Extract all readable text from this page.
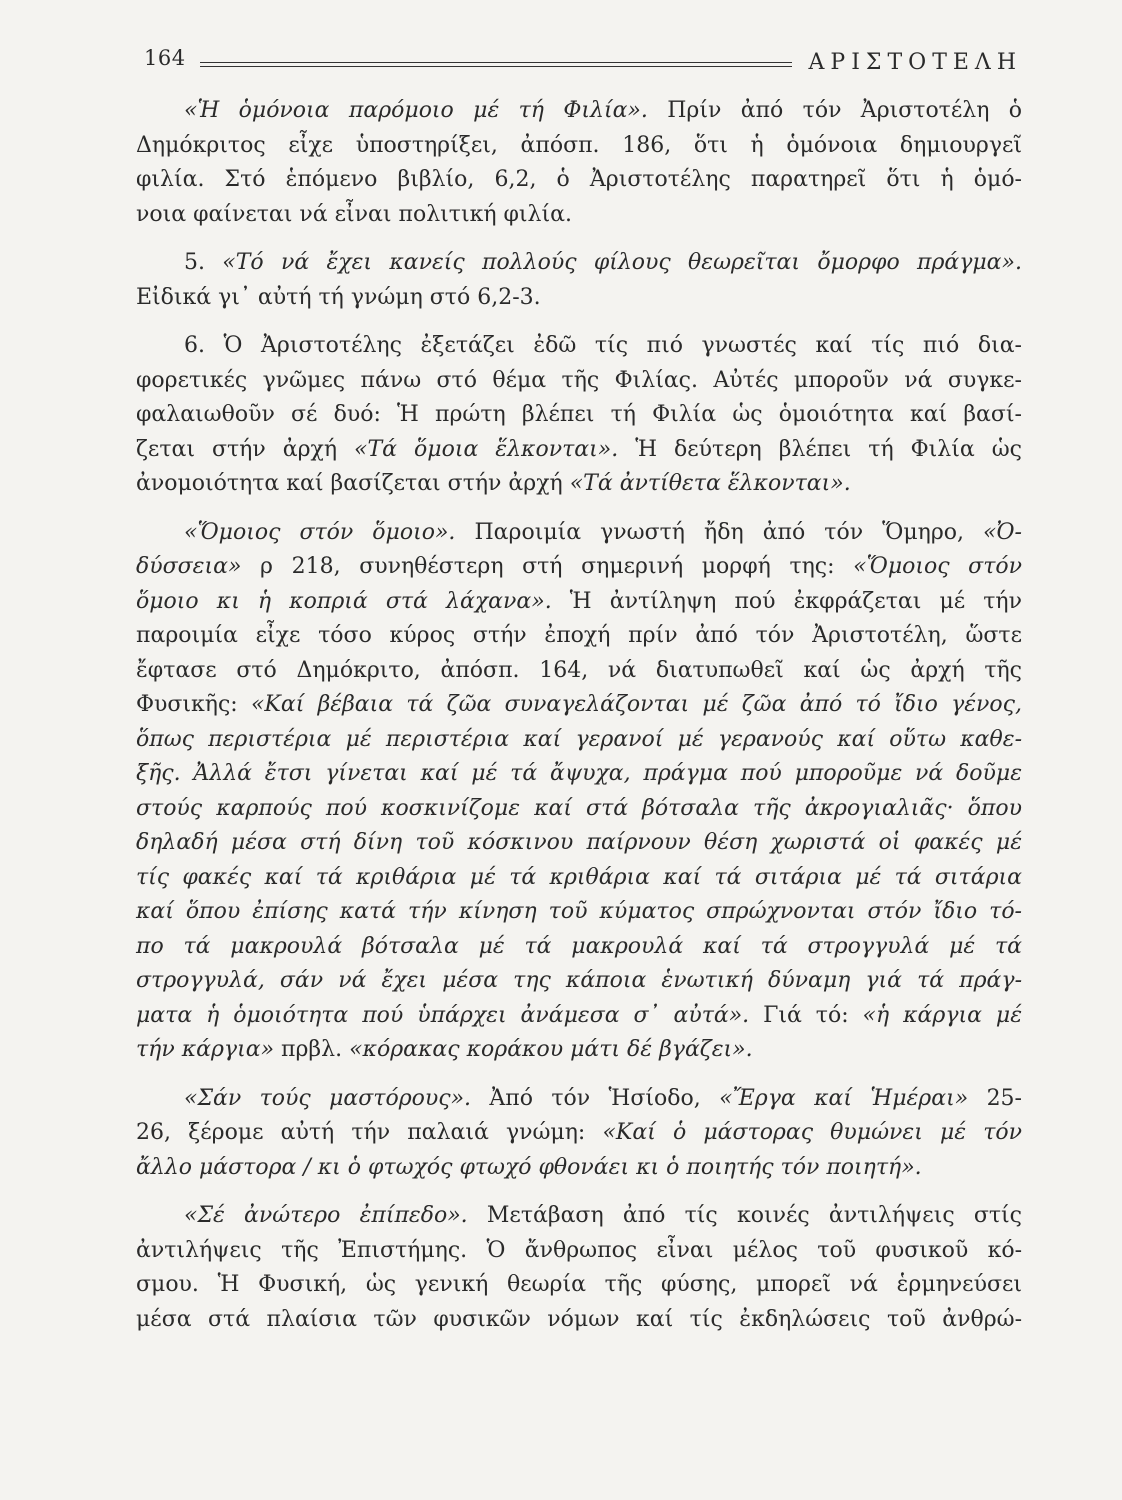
164	ΑΡΙΣΤΟΤΕΛΗ
«Ἡ ὁμόνοια παρόμοιο μέ τή Φιλία». Πρίν ἀπό τόν Ἀριστοτέλη ὁ
Δημόκριτος εἶχε ὑποστηρίξει, ἀπόσπ. 186, ὅτι ἡ ὁμόνοια δημιουργεῖ
φιλία. Στό ἑπόμενο βιβλίο, 6,2, ὁ Ἀριστοτέλης παρατηρεῖ ὅτι ἡ ὁμό-
νοια φαίνεται νά εἶναι πολιτική φιλία.
5. «Τό νά ἔχει κανείς πολλούς φίλους θεωρεῖται ὄμορφο πράγμα».
Εἰδικά γι᾿ αὐτή τή γνώμη στό 6,2-3.
6. Ὁ Ἀριστοτέλης ἐξετάζει ἐδῶ τίς πιό γνωστές καί τίς πιό δια-
φορετικές γνῶμες πάνω στό θέμα τῆς Φιλίας. Αὐτές μποροῦν νά συγκε-
φαλαιωθοῦν σέ δυό: Ἡ πρώτη βλέπει τή Φιλία ὡς ὁμοιότητα καί βασί-
ζεται στήν ἀρχή «Τά ὅμοια ἕλκονται». Ἡ δεύτερη βλέπει τή Φιλία ὡς
ἀνομοιότητα καί βασίζεται στήν ἀρχή «Τά ἀντίθετα ἕλκονται».
«Ὅμοιος στόν ὅμοιο». Παροιμία γνωστή ἤδη ἀπό τόν Ὅμηρο, «Ὀ-
δύσσεια» ρ 218, συνηθέστερη στή σημερινή μορφή της: «Ὅμοιος στόν
ὅμοιο κι ἡ κοπριά στά λάχανα». Ἡ ἀντίληψη πού ἐκφράζεται μέ τήν
παροιμία εἶχε τόσο κύρος στήν ἐποχή πρίν ἀπό τόν Ἀριστοτέλη, ὥστε
ἔφτασε στό Δημόκριτο, ἀπόσπ. 164, νά διατυπωθεῖ καί ὡς ἀρχή τῆς
Φυσικῆς: «Καί βέβαια τά ζῶα συναγελάζονται μέ ζῶα ἀπό τό ἴδιο γένος,
ὅπως περιστέρια μέ περιστέρια καί γερανοί μέ γερανούς καί οὕτω καθε-
ξῆς. Ἀλλά ἔτσι γίνεται καί μέ τά ἄψυχα, πράγμα πού μποροῦμε νά δοῦμε
στούς καρπούς πού κοσκινίζομε καί στά βότσαλα τῆς ἀκρογιαλιᾶς· ὅπου
δηλαδή μέσα στή δίνη τοῦ κόσκινου παίρνουν θέση χωριστά οἱ φακές μέ
τίς φακές καί τά κριθάρια μέ τά κριθάρια καί τά σιτάρια μέ τά σιτάρια
καί ὅπου ἐπίσης κατά τήν κίνηση τοῦ κύματος σπρώχνονται στόν ἴδιο τό-
πο τά μακρουλά βότσαλα μέ τά μακρουλά καί τά στρογγυλά μέ τά
στρογγυλά, σάν νά ἔχει μέσα της κάποια ἑνωτική δύναμη γιά τά πράγ-
ματα ἡ ὁμοιότητα πού ὑπάρχει ἀνάμεσα σ᾿ αὐτά». Γιά τό: «ἡ κάργια μέ
τήν κάργια» πρβλ. «κόρακας κοράκου μάτι δέ βγάζει».
«Σάν τούς μαστόρους». Ἀπό τόν Ἡσίοδο, «Ἔργα καί Ἡμέραι» 25-
26, ξέρομε αὐτή τήν παλαιά γνώμη: «Καί ὁ μάστορας θυμώνει μέ τόν
ἄλλο μάστορα / κι ὁ φτωχός φτωχό φθονάει κι ὁ ποιητής τόν ποιητή».
«Σέ ἀνώτερο ἐπίπεδο». Μετάβαση ἀπό τίς κοινές ἀντιλήψεις στίς
ἀντιλήψεις τῆς Ἐπιστήμης. Ὁ ἄνθρωπος εἶναι μέλος τοῦ φυσικοῦ κό-
σμου. Ἡ Φυσική, ὡς γενική θεωρία τῆς φύσης, μπορεῖ νά ἑρμηνεύσει
μέσα στά πλαίσια τῶν φυσικῶν νόμων καί τίς ἐκδηλώσεις τοῦ ἀνθρώ-
